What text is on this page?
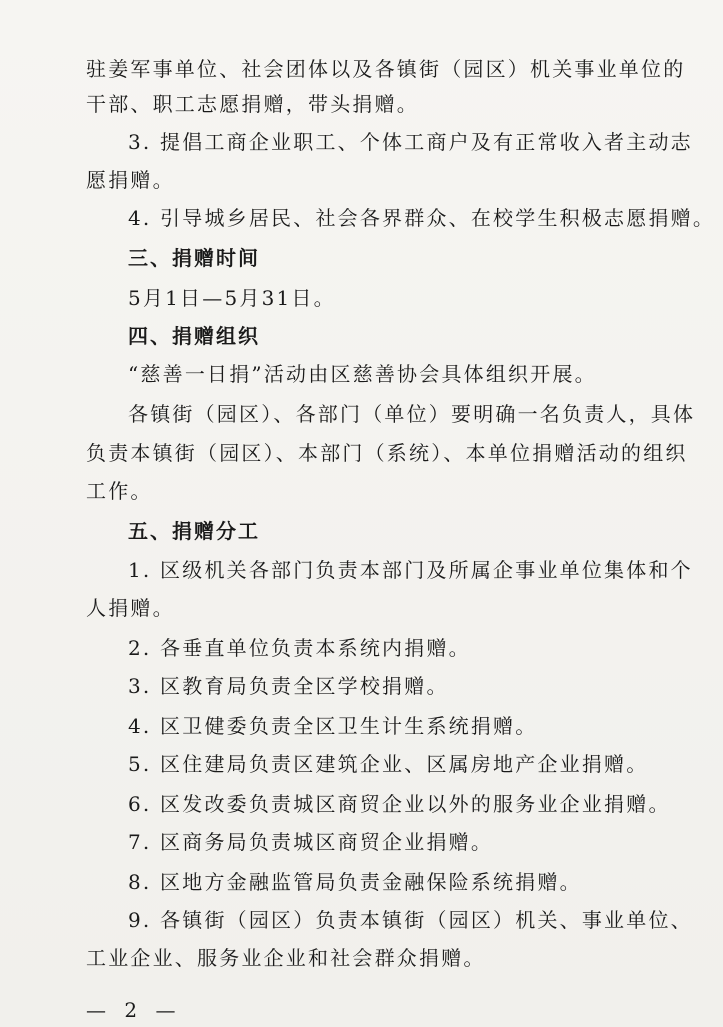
驻姜军事单位、社会团体以及各镇街（园区）机关事业单位的
干部、职工志愿捐赠，带头捐赠。
3. 提倡工商企业职工、个体工商户及有正常收入者主动志
愿捐赠。
4. 引导城乡居民、社会各界群众、在校学生积极志愿捐赠。
三、捐赠时间
5月1日—5月31日。
四、捐赠组织
“慈善一日捐”活动由区慈善协会具体组织开展。
各镇街（园区）、各部门（单位）要明确一名负责人，具体
负责本镇街（园区）、本部门（系统）、本单位捐赠活动的组织
工作。
五、捐赠分工
1. 区级机关各部门负责本部门及所属企事业单位集体和个
人捐赠。
2. 各垂直单位负责本系统内捐赠。
3. 区教育局负责全区学校捐赠。
4. 区卫健委负责全区卫生计生系统捐赠。
5. 区住建局负责区建筑企业、区属房地产企业捐赠。
6. 区发改委负责城区商贸企业以外的服务业企业捐赠。
7. 区商务局负责城区商贸企业捐赠。
8. 区地方金融监管局负责金融保险系统捐赠。
9. 各镇街（园区）负责本镇街（园区）机关、事业单位、
工业企业、服务业企业和社会群众捐赠。
— 2 —
